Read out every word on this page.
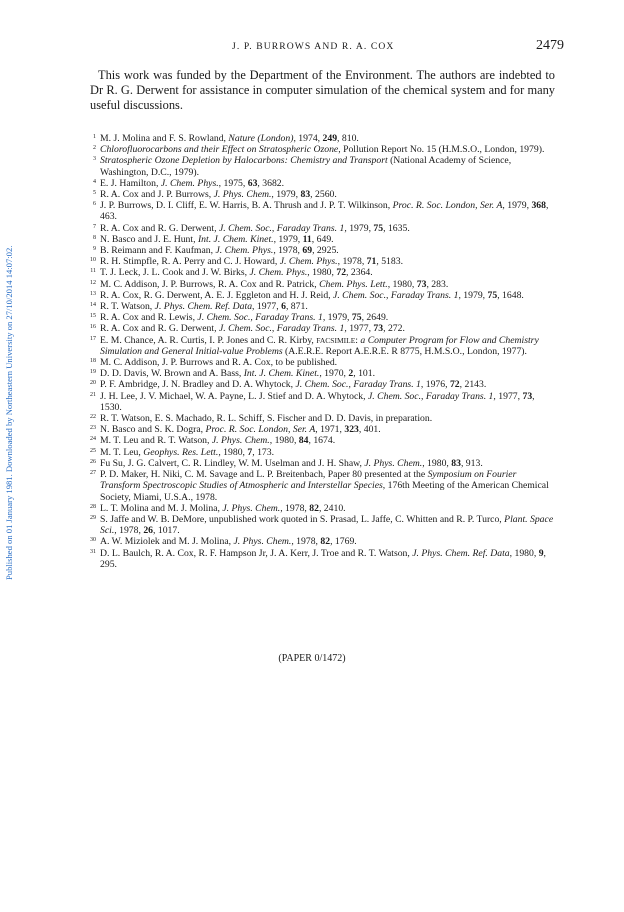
Published on 01 January 1981. Downloaded by Northeastern University on 27/10/2014 14:07:02.
J. P. BURROWS AND R. A. COX	2479

This work was funded by the Department of the Environment. The authors are indebted to Dr R. G. Derwent for assistance in computer simulation of the chemical system and for many useful discussions.

1 M. J. Molina and F. S. Rowland, Nature (London), 1974, 249, 810.
2 Chlorofluorocarbons and their Effect on Stratospheric Ozone, Pollution Report No. 15 (H.M.S.O., London, 1979).
3 Stratospheric Ozone Depletion by Halocarbons: Chemistry and Transport (National Academy of Science, Washington, D.C., 1979).
4 E. J. Hamilton, J. Chem. Phys., 1975, 63, 3682.
5 R. A. Cox and J. P. Burrows, J. Phys. Chem., 1979, 83, 2560.
6 J. P. Burrows, D. I. Cliff, E. W. Harris, B. A. Thrush and J. P. T. Wilkinson, Proc. R. Soc. London, Ser. A, 1979, 368, 463.
7 R. A. Cox and R. G. Derwent, J. Chem. Soc., Faraday Trans. 1, 1979, 75, 1635.
8 N. Basco and J. E. Hunt, Int. J. Chem. Kinet., 1979, 11, 649.
9 B. Reimann and F. Kaufman, J. Chem. Phys., 1978, 69, 2925.
10 R. H. Stimpfle, R. A. Perry and C. J. Howard, J. Chem. Phys., 1978, 71, 5183.
11 T. J. Leck, J. L. Cook and J. W. Birks, J. Chem. Phys., 1980, 72, 2364.
12 M. C. Addison, J. P. Burrows, R. A. Cox and R. Patrick, Chem. Phys. Lett., 1980, 73, 283.
13 R. A. Cox, R. G. Derwent, A. E. J. Eggleton and H. J. Reid, J. Chem. Soc., Faraday Trans. 1, 1979, 75, 1648.
14 R. T. Watson, J. Phys. Chem. Ref. Data, 1977, 6, 871.
15 R. A. Cox and R. Lewis, J. Chem. Soc., Faraday Trans. 1, 1979, 75, 2649.
16 R. A. Cox and R. G. Derwent, J. Chem. Soc., Faraday Trans. 1, 1977, 73, 272.
17 E. M. Chance, A. R. Curtis, I. P. Jones and C. R. Kirby, FACSIMILE: a Computer Program for Flow and Chemistry Simulation and General Initial-value Problems (A.E.R.E. Report A.E.R.E. R 8775, H.M.S.O., London, 1977).
18 M. C. Addison, J. P. Burrows and R. A. Cox, to be published.
19 D. D. Davis, W. Brown and A. Bass, Int. J. Chem. Kinet., 1970, 2, 101.
20 P. F. Ambridge, J. N. Bradley and D. A. Whytock, J. Chem. Soc., Faraday Trans. 1, 1976, 72, 2143.
21 J. H. Lee, J. V. Michael, W. A. Payne, L. J. Stief and D. A. Whytock, J. Chem. Soc., Faraday Trans. 1, 1977, 73, 1530.
22 R. T. Watson, E. S. Machado, R. L. Schiff, S. Fischer and D. D. Davis, in preparation.
23 N. Basco and S. K. Dogra, Proc. R. Soc. London, Ser. A, 1971, 323, 401.
24 M. T. Leu and R. T. Watson, J. Phys. Chem., 1980, 84, 1674.
25 M. T. Leu, Geophys. Res. Lett., 1980, 7, 173.
26 Fu Su, J. G. Calvert, C. R. Lindley, W. M. Uselman and J. H. Shaw, J. Phys. Chem., 1980, 83, 913.
27 P. D. Maker, H. Niki, C. M. Savage and L. P. Breitenbach, Paper 80 presented at the Symposium on Fourier Transform Spectroscopic Studies of Atmospheric and Interstellar Species, 176th Meeting of the American Chemical Society, Miami, U.S.A., 1978.
28 L. T. Molina and M. J. Molina, J. Phys. Chem., 1978, 82, 2410.
29 S. Jaffe and W. B. DeMore, unpublished work quoted in S. Prasad, L. Jaffe, C. Whitten and R. P. Turco, Plant. Space Sci., 1978, 26, 1017.
30 A. W. Miziolek and M. J. Molina, J. Phys. Chem., 1978, 82, 1769.
31 D. L. Baulch, R. A. Cox, R. F. Hampson Jr, J. A. Kerr, J. Troe and R. T. Watson, J. Phys. Chem. Ref. Data, 1980, 9, 295.
(PAPER 0/1472)
